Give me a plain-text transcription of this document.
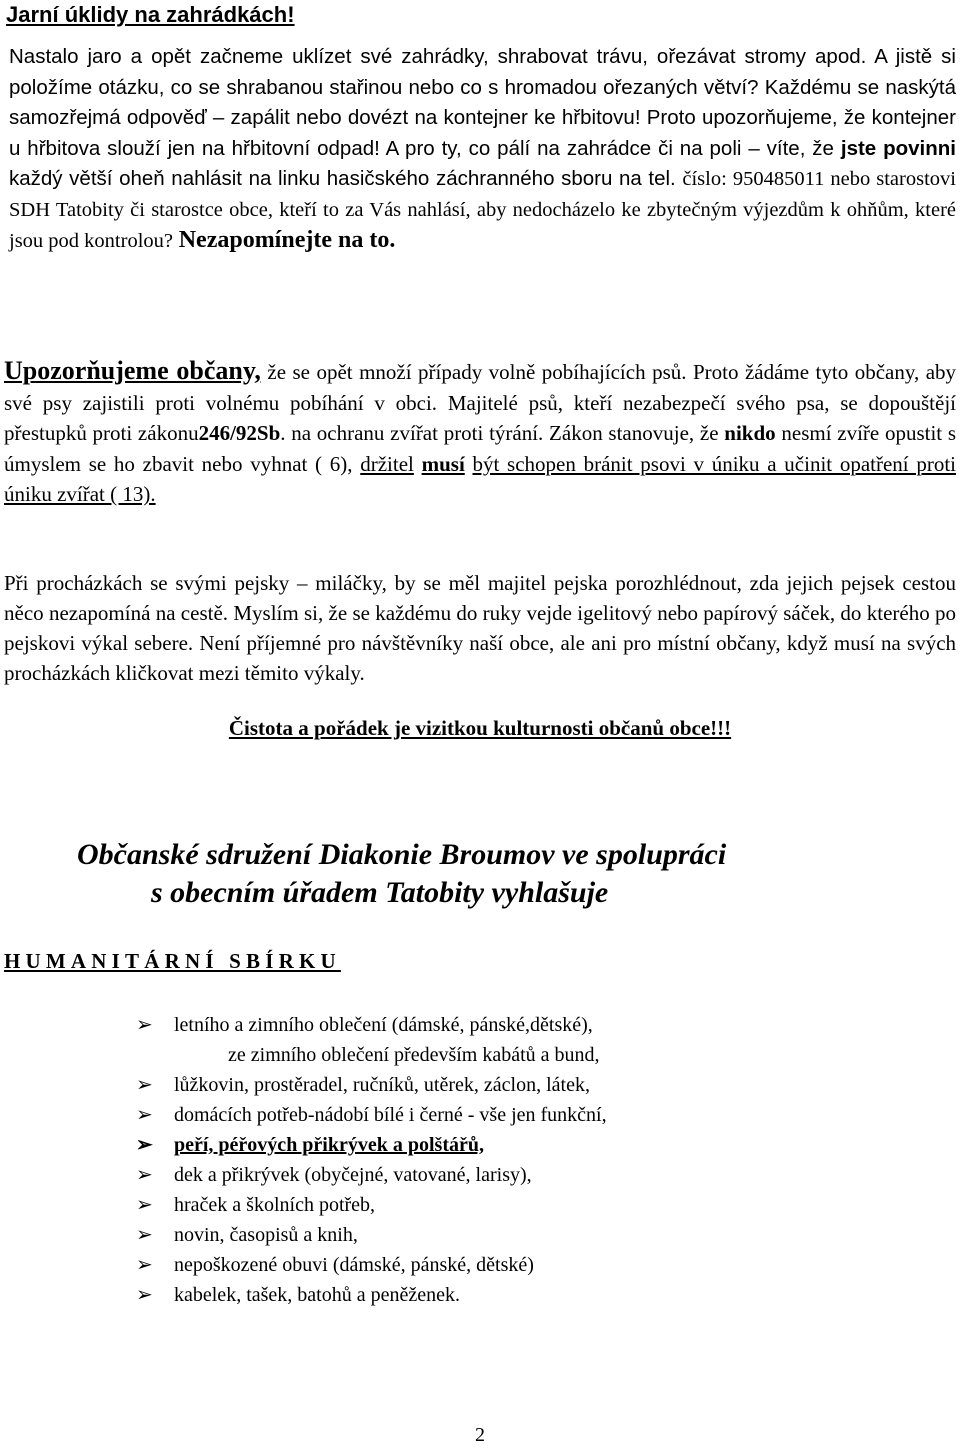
Jarní úklidy na zahrádkách!
Nastalo jaro a opět začneme uklízet své zahrádky, shrabovat trávu, ořezávat stromy apod. A jistě si položíme otázku, co se shrabanou stařinou nebo co s hromadou ořezaných větví? Každému se naskýtá samozřejmá odpověď – zapálit nebo dovézt na kontejner ke hřbitovu! Proto upozorňujeme, že kontejner u hřbitova slouží jen na hřbitovní odpad! A pro ty, co pálí na zahrádce či na poli – víte, že jste povinni každý větší oheň nahlásit na linku hasičského záchranného sboru na tel. číslo: 950485011 nebo starostovi SDH Tatobity či starostce obce, kteří to za Vás nahlásí, aby nedocházelo ke zbytečným výjezdům k ohňům, které jsou pod kontrolou? Nezapomínejte na to.
Upozorňujeme občany, že se opět množí případy volně pobíhajících psů. Proto žádáme tyto občany, aby své psy zajistili proti volnému pobíhání v obci. Majitelé psů, kteří nezabezpečí svého psa, se dopouštějí přestupků proti zákonu246/92Sb. na ochranu zvířat proti týrání. Zákon stanovuje, že nikdo nesmí zvíře opustit s úmyslem se ho zbavit nebo vyhnat ( 6), držitel musí být schopen bránit psovi v úniku a učinit opatření proti úniku zvířat ( 13).
Při procházkách se svými pejsky – miláčky, by se měl majitel pejska porozhlédnout, zda jejich pejsek cestou něco nezapomíná na cestě. Myslím si, že se každému do ruky vejde igelitový nebo papírový sáček, do kterého po pejskovi výkal sebere. Není příjemné pro návštěvníky naší obce, ale ani pro místní občany, když musí na svých procházkách kličkovat mezi těmito výkaly.
Čistota a pořádek je vizitkou kulturnosti občanů obce!!!
Občanské sdružení Diakonie Broumov ve spolupráci
s obecním úřadem Tatobity vyhlašuje
HUMANITÁRNÍ SBÍRKU
➢ letního a zimního oblečení (dámské, pánské,dětské),
ze zimního oblečení především kabátů a bund,
➢ lůžkovin, prostěradel, ručníků, utěrek, záclon, látek,
➢ domácích potřeb-nádobí bílé i černé - vše jen funkční,
➢ peří, péřových přikrývek a polštářů,
➢ dek a přikrývek (obyčejné, vatované, larisy),
➢ hraček a školních potřeb,
➢ novin, časopisů a knih,
➢ nepoškozené obuvi (dámské, pánské, dětské)
➢ kabelek, tašek, batohů a peněženek.
2
